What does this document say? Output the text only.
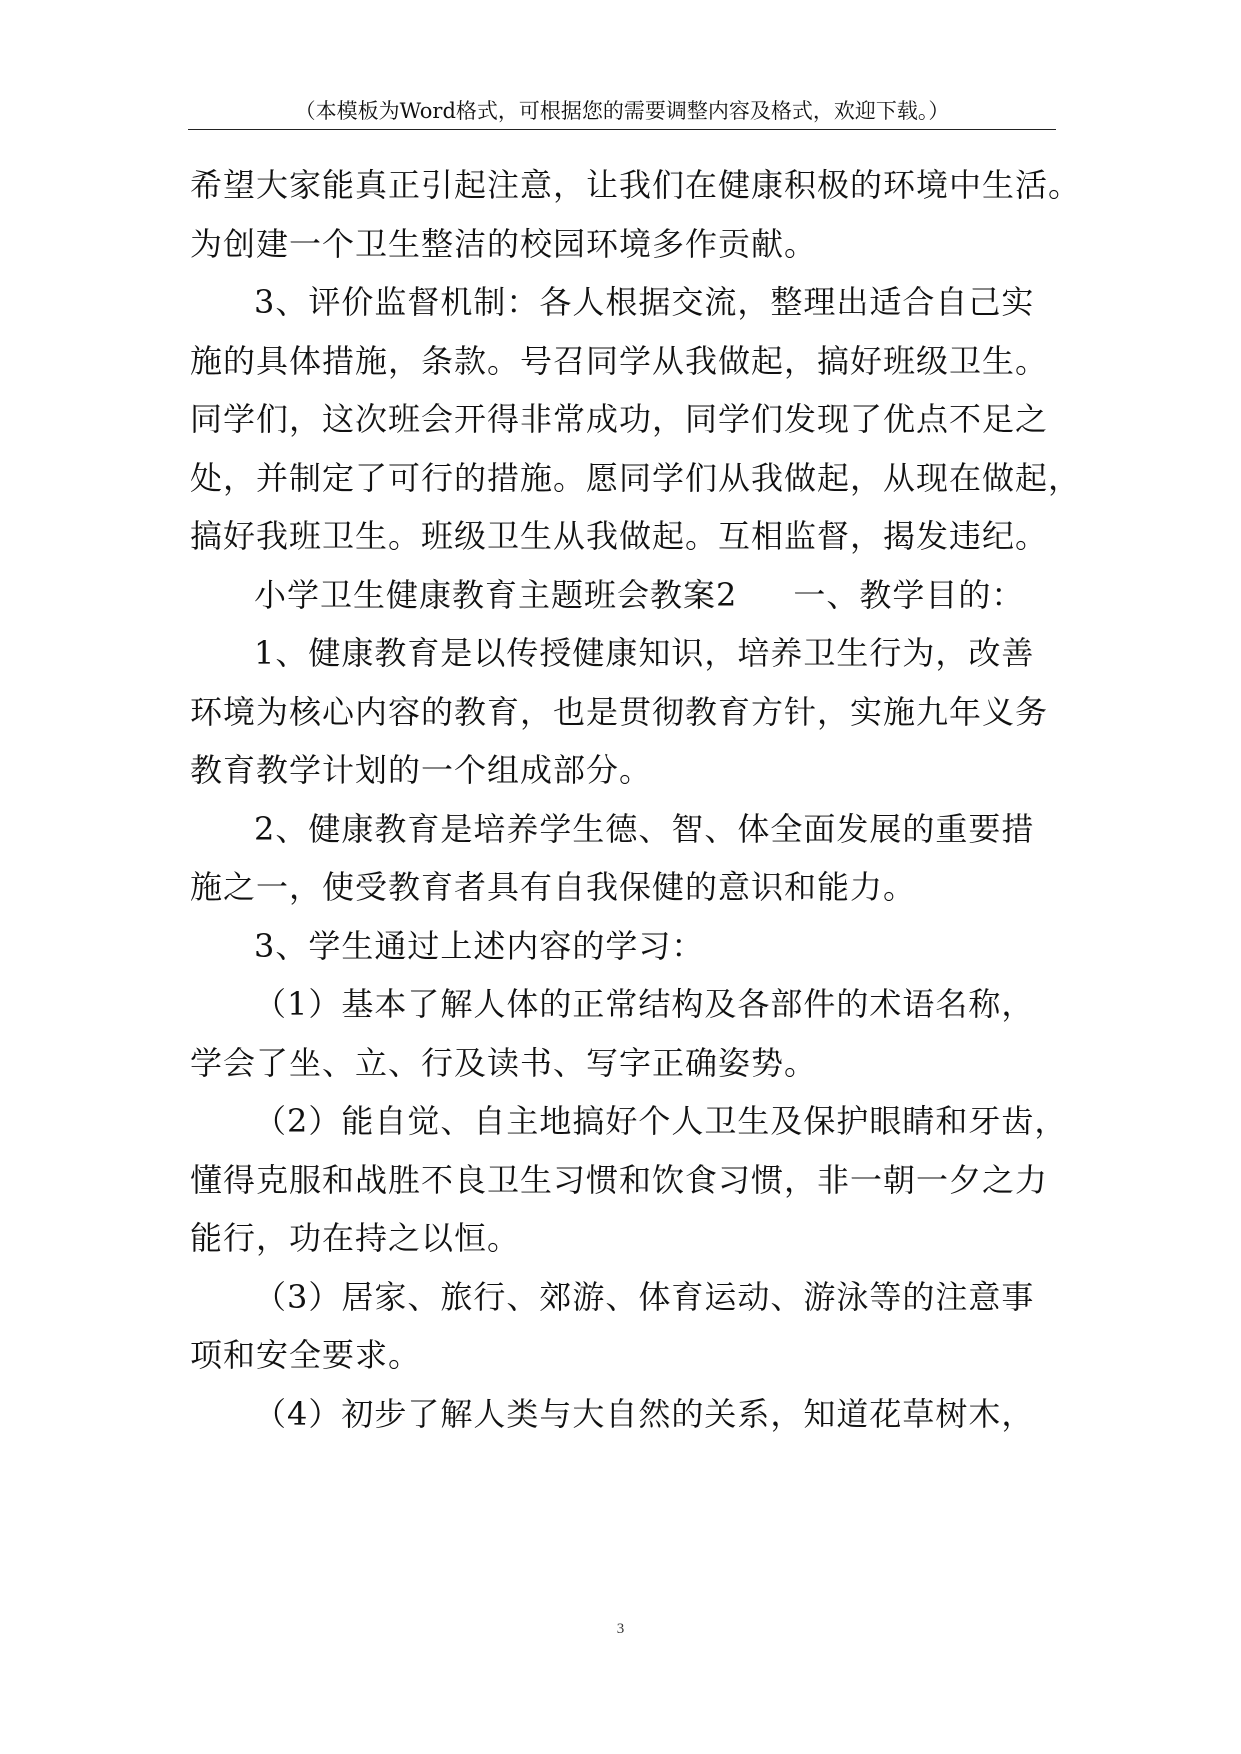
（本模板为Word格式，可根据您的需要调整内容及格式，欢迎下载。）
希望大家能真正引起注意，让我们在健康积极的环境中生活。
为创建一个卫生整洁的校园环境多作贡献。
3、评价监督机制：各人根据交流，整理出适合自己实
施的具体措施，条款。号召同学从我做起，搞好班级卫生。
同学们，这次班会开得非常成功，同学们发现了优点不足之
处，并制定了可行的措施。愿同学们从我做起，从现在做起，
搞好我班卫生。班级卫生从我做起。互相监督，揭发违纪。
小学卫生健康教育主题班会教案2 一、教学目的：
1、健康教育是以传授健康知识，培养卫生行为，改善
环境为核心内容的教育，也是贯彻教育方针，实施九年义务
教育教学计划的一个组成部分。
2、健康教育是培养学生德、智、体全面发展的重要措
施之一，使受教育者具有自我保健的意识和能力。
3、学生通过上述内容的学习：
（1）基本了解人体的正常结构及各部件的术语名称，
学会了坐、立、行及读书、写字正确姿势。
（2）能自觉、自主地搞好个人卫生及保护眼睛和牙齿，
懂得克服和战胜不良卫生习惯和饮食习惯，非一朝一夕之力
能行，功在持之以恒。
（3）居家、旅行、郊游、体育运动、游泳等的注意事
项和安全要求。
（4）初步了解人类与大自然的关系，知道花草树木，
3
